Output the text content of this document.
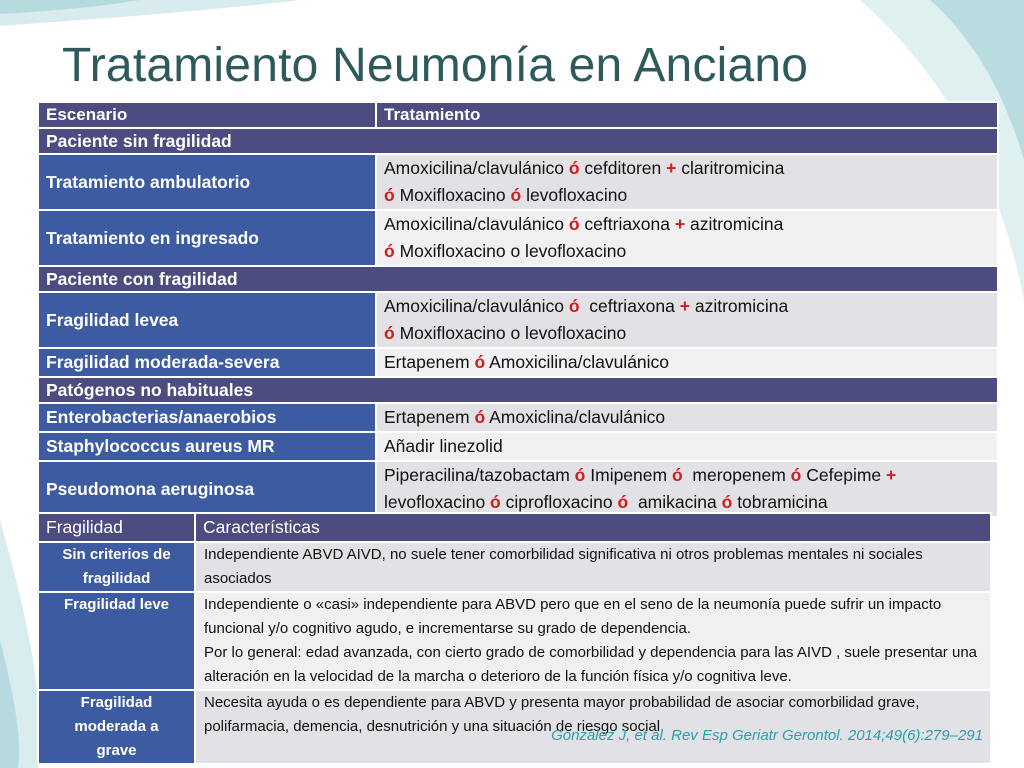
Tratamiento Neumonía en Anciano
Escenario	Tratamiento
Paciente sin fragilidad	
Tratamiento ambulatorio	Amoxicilina/clavulánico ó cefditoren + claritromicina
ó Moxifloxacino ó levofloxacino

Tratamiento en ingresado	Amoxicilina/clavulánico ó ceftriaxona + azitromicina
ó Moxifloxacino o levofloxacino

Paciente con fragilidad	
Fragilidad levea	Amoxicilina/clavulánico ó ceftriaxona + azitromicina
ó Moxifloxacino o levofloxacino

Fragilidad moderada-severa	Ertapenem ó Amoxicilina/clavulánico
Patógenos no habituales	
Enterobacterias/anaerobios	Ertapenem ó Amoxiclina/clavulánico
Staphylococcus aureus MR	Añadir linezolid
Pseudomona aeruginosa	Piperacilina/tazobactam ó Imipenem ó meropenem ó Cefepime +
levofloxacino ó ciprofloxacino ó amikacina ó tobramicina
Fragilidad	Características

Sin criterios de
fragilidad	Independiente ABVD AIVD, no suele tener comorbilidad significativa ni otros problemas mentales ni sociales asociados

Fragilidad leve	Independiente o «casi» independiente para ABVD pero que en el seno de la neumonía puede sufrir un impacto funcional y/o cognitivo agudo, e incrementarse su grado de dependencia.
Por lo general: edad avanzada, con cierto grado de comorbilidad y dependencia para las AIVD , suele presentar una alteración en la velocidad de la marcha o deterioro de la función física y/o cognitiva leve.

Fragilidad
moderada a
grave	Necesita ayuda o es dependiente para ABVD y presenta mayor probabilidad de asociar comorbilidad grave, polifarmacia, demencia, desnutrición y una situación de riesgo social.
González J, et al. Rev Esp Geriatr Gerontol. 2014;49(6):279–291
